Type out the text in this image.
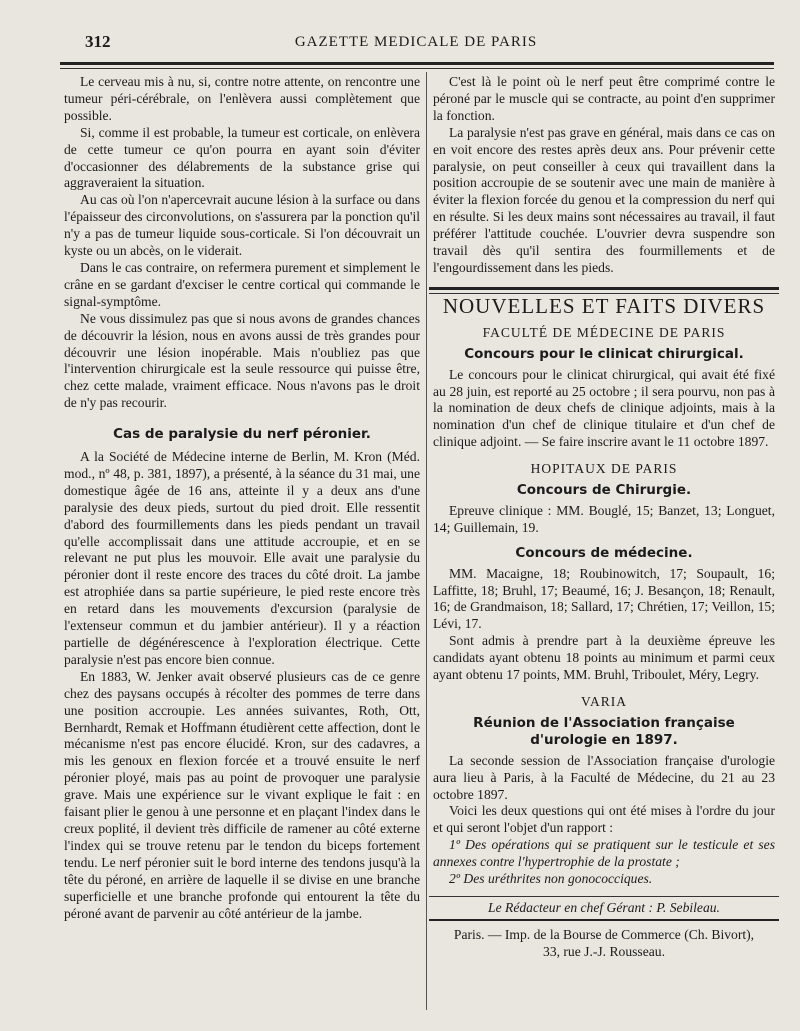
312	GAZETTE MEDICALE DE PARIS

Le cerveau mis à nu, si, contre notre attente, on rencontre une tumeur péri-cérébrale, on l'enlèvera aussi complètement que possible.

Si, comme il est probable, la tumeur est corticale, on enlèvera de cette tumeur ce qu'on pourra en ayant soin d'éviter d'occasionner des délabrements de la substance grise qui aggraveraient la situation.

Au cas où l'on n'apercevrait aucune lésion à la surface ou dans l'épaisseur des circonvolutions, on s'assurera par la ponction qu'il n'y a pas de tumeur liquide sous-corticale. Si l'on découvrait un kyste ou un abcès, on le viderait.

Dans le cas contraire, on refermera purement et simplement le crâne en se gardant d'exciser le centre cortical qui commande le signal-symptôme.

Ne vous dissimulez pas que si nous avons de grandes chances de découvrir la lésion, nous en avons aussi de très grandes pour découvrir une lésion inopérable. Mais n'oubliez pas que l'intervention chirurgicale est la seule ressource qui puisse être, chez cette malade, vraiment efficace. Nous n'avons pas le droit de n'y pas recourir.

Cas de paralysie du nerf péronier.

A la Société de Médecine interne de Berlin, M. Kron (Méd. mod., nº 48, p. 381, 1897), a présenté, à la séance du 31 mai, une domestique âgée de 16 ans, atteinte il y a deux ans d'une paralysie des deux pieds, surtout du pied droit. Elle ressentit d'abord des fourmillements dans les pieds pendant un travail qu'elle accomplissait dans une attitude accroupie, et en se relevant ne put plus les mouvoir. Elle avait une paralysie du péronier dont il reste encore des traces du côté droit. La jambe est atrophiée dans sa partie supérieure, le pied reste encore très en retard dans les mouvements d'excursion (paralysie de l'extenseur commun et du jambier antérieur). Il y a réaction partielle de dégénérescence à l'exploration électrique. Cette paralysie n'est pas encore bien connue.

En 1883, W. Jenker avait observé plusieurs cas de ce genre chez des paysans occupés à récolter des pommes de terre dans une position accroupie. Les années suivantes, Roth, Ott, Bernhardt, Remak et Hoffmann étudièrent cette affection, dont le mécanisme n'est pas encore élucidé. Kron, sur des cadavres, a mis les genoux en flexion forcée et a trouvé ensuite le nerf péronier ployé, mais pas au point de provoquer une paralysie grave. Mais une expérience sur le vivant explique le fait : en faisant plier le genou à une personne et en plaçant l'index dans le creux poplité, il devient très difficile de ramener au côté externe l'index qui se trouve retenu par le tendon du biceps fortement tendu. Le nerf péronier suit le bord interne des tendons jusqu'à la tête du péroné, en arrière de laquelle il se divise en une branche superficielle et une branche profonde qui entourent la tête du péroné avant de parvenir au côté antérieur de la jambe.

C'est là le point où le nerf peut être comprimé contre le péroné par le muscle qui se contracte, au point d'en supprimer la fonction.

La paralysie n'est pas grave en général, mais dans ce cas on en voit encore des restes après deux ans. Pour prévenir cette paralysie, on peut conseiller à ceux qui travaillent dans la position accroupie de se soutenir avec une main de manière à éviter la flexion forcée du genou et la compression du nerf qui en résulte. Si les deux mains sont nécessaires au travail, il faut préférer l'attitude couchée. L'ouvrier devra suspendre son travail dès qu'il sentira des fourmillements et de l'engourdissement dans les pieds.

NOUVELLES ET FAITS DIVERS
FACULTÉ DE MÉDECINE DE PARIS
Concours pour le clinicat chirurgical.

Le concours pour le clinicat chirurgical, qui avait été fixé au 28 juin, est reporté au 25 octobre ; il sera pourvu, non pas à la nomination de deux chefs de clinique adjoints, mais à la nomination d'un chef de clinique titulaire et d'un chef de clinique adjoint. — Se faire inscrire avant le 11 octobre 1897.

HOPITAUX DE PARIS
Concours de Chirurgie.

Epreuve clinique : MM. Bouglé, 15; Banzet, 13; Longuet, 14; Guillemain, 19.

Concours de médecine.

MM. Macaigne, 18; Roubinowitch, 17; Soupault, 16; Laffitte, 18; Bruhl, 17; Beaumé, 16; J. Besançon, 18; Renault, 16; de Grandmaison, 18; Sallard, 17; Chrétien, 17; Veillon, 15; Lévi, 17.

Sont admis à prendre part à la deuxième épreuve les candidats ayant obtenu 18 points au minimum et parmi ceux ayant obtenu 17 points, MM. Bruhl, Triboulet, Méry, Legry.

VARIA
Réunion de l'Association française d'urologie en 1897.

La seconde session de l'Association française d'urologie aura lieu à Paris, à la Faculté de Médecine, du 21 au 23 octobre 1897.

Voici les deux questions qui ont été mises à l'ordre du jour et qui seront l'objet d'un rapport :

1º Des opérations qui se pratiquent sur le testicule et ses annexes contre l'hypertrophie de la prostate ;

2º Des uréthrites non gonococciques.

Le Rédacteur en chef Gérant : P. Sebileau.
Paris. — Imp. de la Bourse de Commerce (Ch. Bivort),
33, rue J.-J. Rousseau.
